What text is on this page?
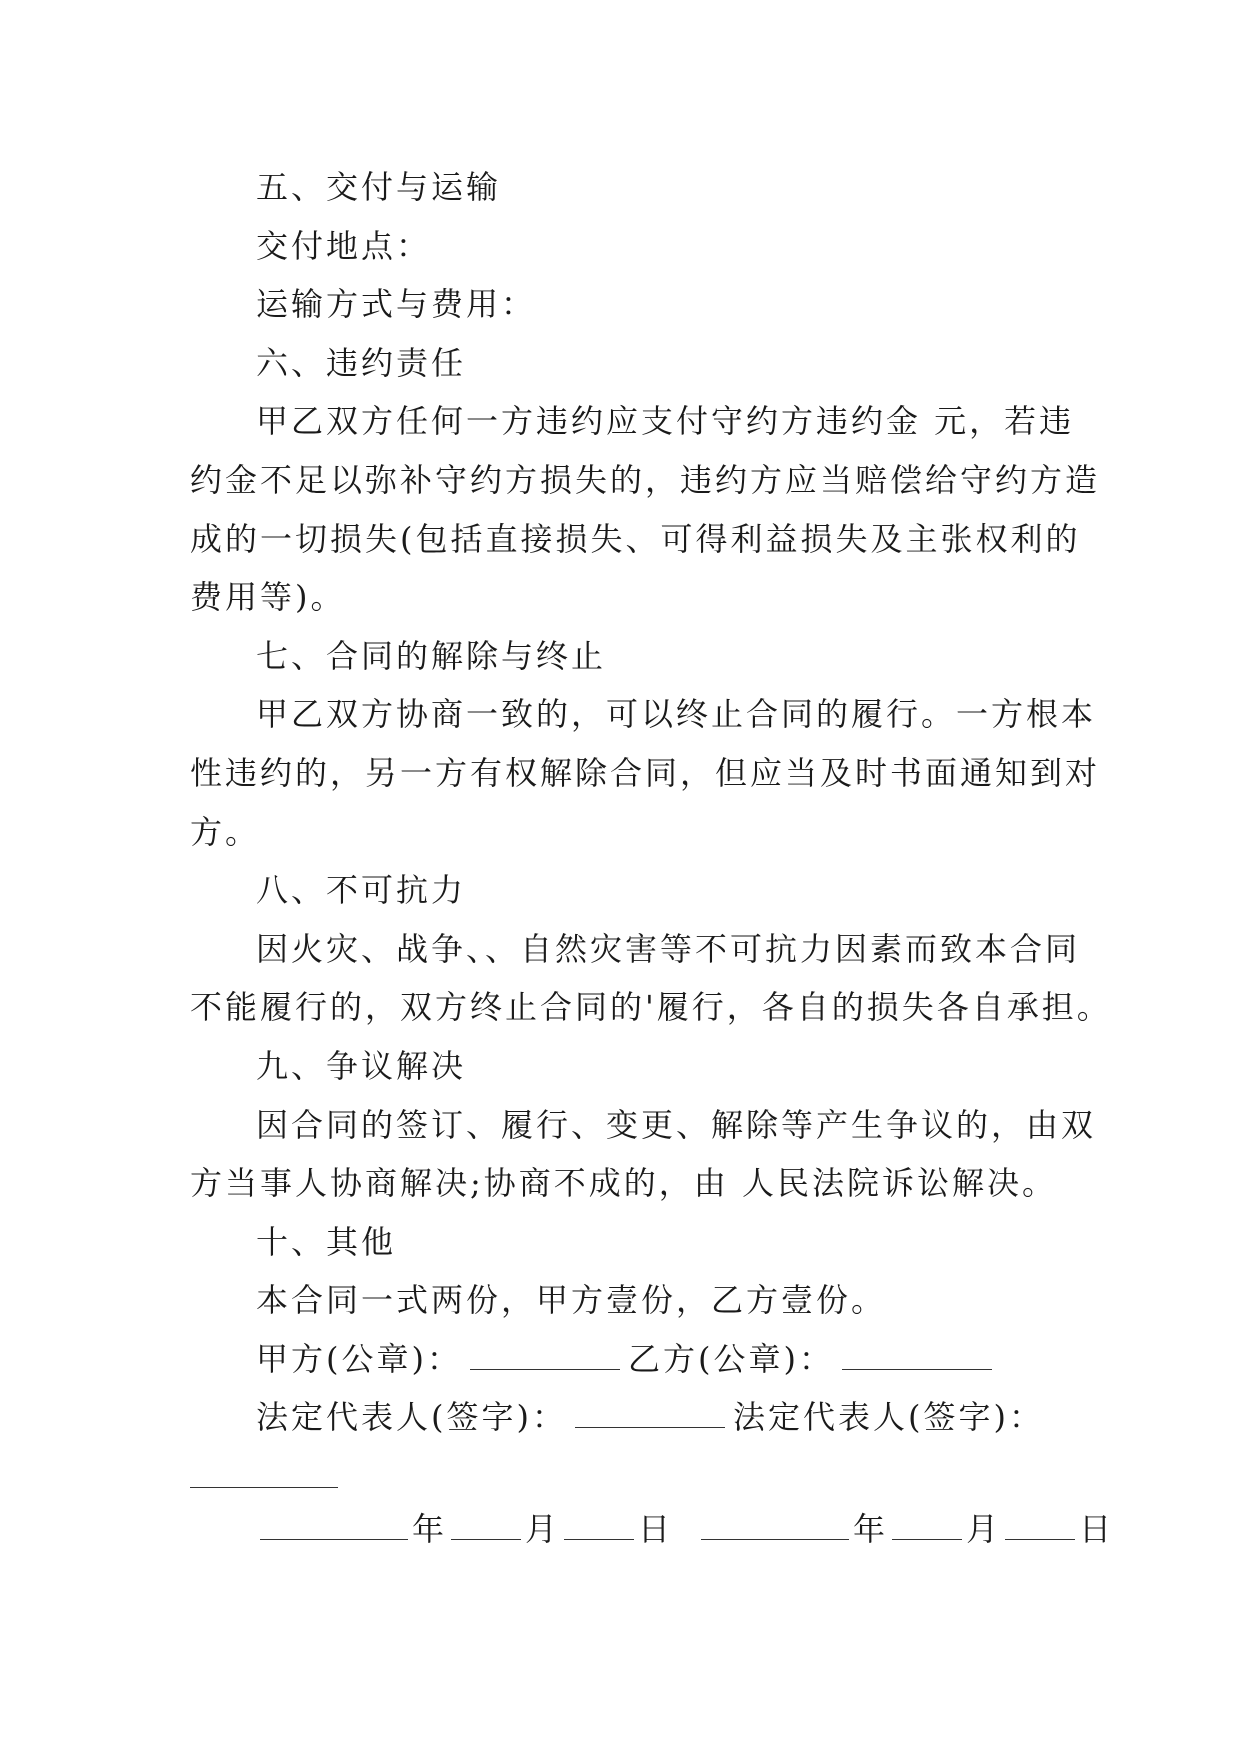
五、交付与运输
交付地点：
运输方式与费用：
六、违约责任
甲乙双方任何一方违约应支付守约方违约金 元，若违
约金不足以弥补守约方损失的，违约方应当赔偿给守约方造
成的一切损失(包括直接损失、可得利益损失及主张权利的
费用等)。
七、合同的解除与终止
甲乙双方协商一致的，可以终止合同的履行。一方根本
性违约的，另一方有权解除合同，但应当及时书面通知到对
方。
八、不可抗力
因火灾、战争、、自然灾害等不可抗力因素而致本合同
不能履行的，双方终止合同的'履行，各自的损失各自承担。
九、争议解决
因合同的签订、履行、变更、解除等产生争议的，由双
方当事人协商解决;协商不成的，由 人民法院诉讼解决。
十、其他
本合同一式两份，甲方壹份，乙方壹份。
甲方(公章)：	乙方(公章)：
法定代表人(签字)：	法定代表人(签字)：
年 月 日	年 月 日
